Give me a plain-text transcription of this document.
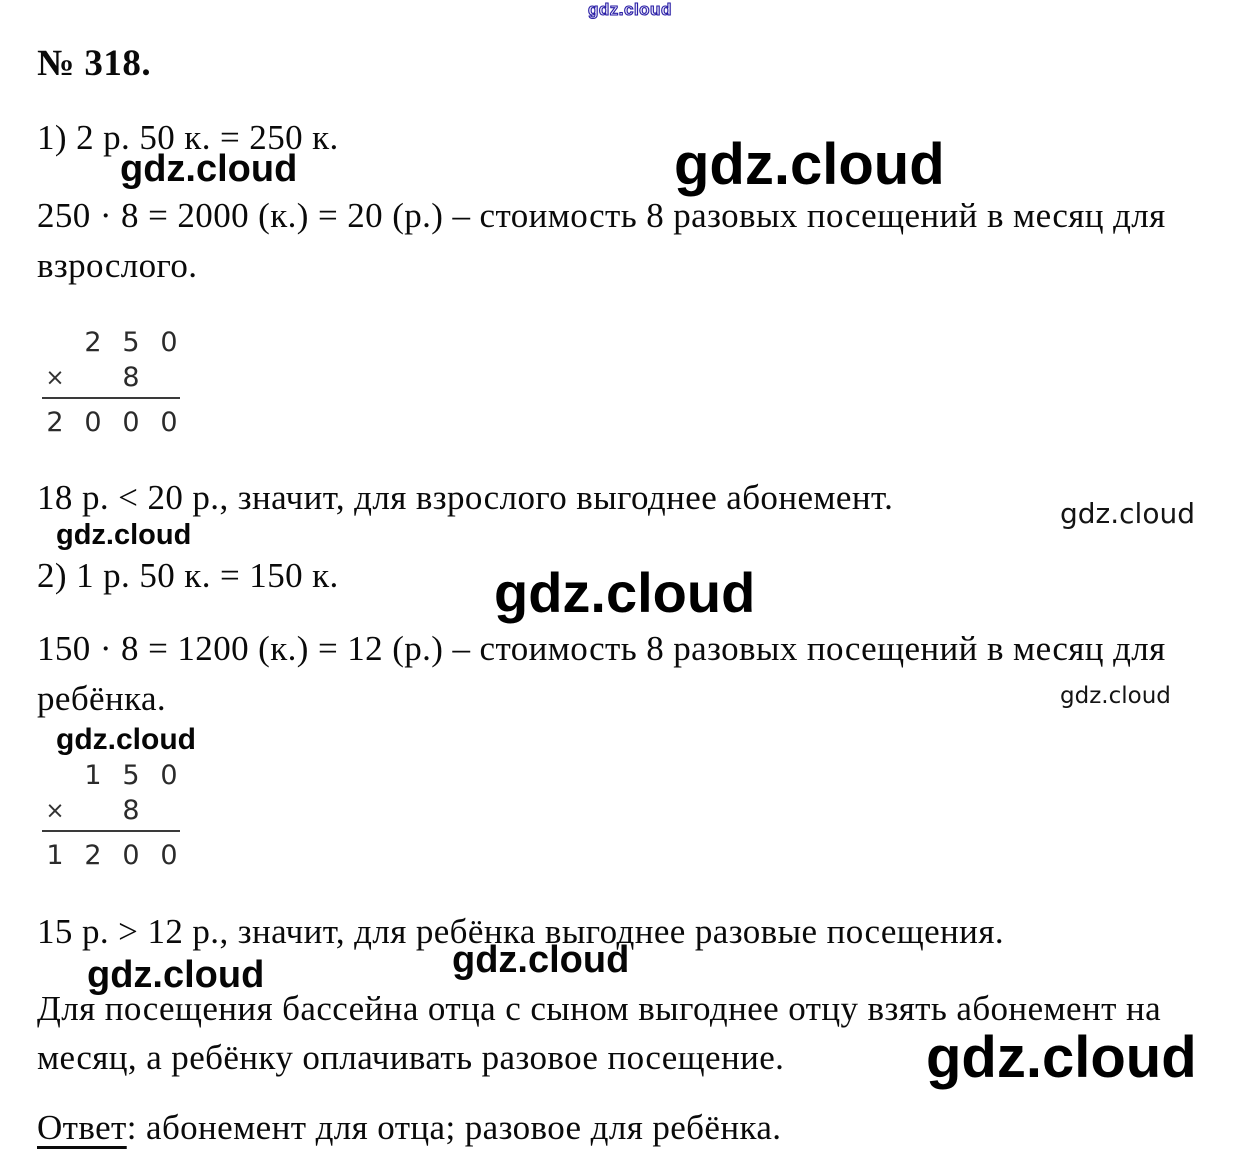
gdz.cloud
gdz.cloud	gdz.cloud
gdz.cloud
gdz.cloud
gdz.cloud
gdz.cloud
gdz.cloud
gdz.cloud
gdz.cloud
gdz.cloud
№ 318.
1) 2 р. 50 к. = 250 к.
250 · 8 = 2000 (к.) = 20 (р.) – стоимость 8 разовых посещений в месяц для
взрослого.
2 5 0
×	8
2 0 0 0
18 р. < 20 р., значит, для взрослого выгоднее абонемент.
2) 1 р. 50 к. = 150 к.
150 · 8 = 1200 (к.) = 12 (р.) – стоимость 8 разовых посещений в месяц для
ребёнка.
1 5 0
×	8
1 2 0 0
15 р. > 12 р., значит, для ребёнка выгоднее разовые посещения.
Для посещения бассейна отца с сыном выгоднее отцу взять абонемент на
месяц, а ребёнку оплачивать разовое посещение.
Ответ: абонемент для отца; разовое для ребёнка.
